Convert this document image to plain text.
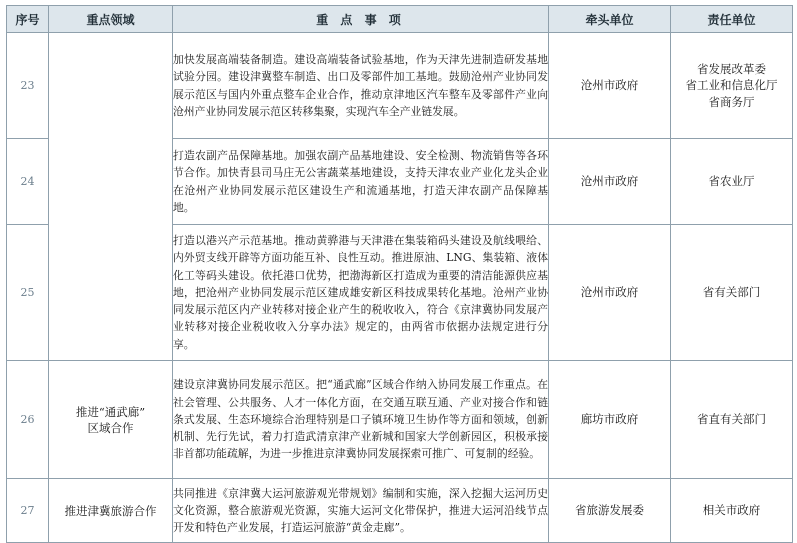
序号	重点领域	重 点 事 项	牵头单位	责任单位
23		加快发展高端装备制造。建设高端装备试验基地，作为天津先进制造研发基地试验分园。建设津冀整车制造、出口及零部件加工基地。鼓励沧州产业协同发展示范区与国内外重点整车企业合作，推动京津地区汽车整车及零部件产业向沧州产业协同发展示范区转移集聚，实现汽车全产业链发展。	沧州市政府	省发展改革委
省工业和信息化厅
省商务厅

24		打造农副产品保障基地。加强农副产品基地建设、安全检测、物流销售等各环节合作。加快青县司马庄无公害蔬菜基地建设，支持天津农业产业化龙头企业在沧州产业协同发展示范区建设生产和流通基地，打造天津农副产品保障基地。	沧州市政府	省农业厅

25		打造以港兴产示范基地。推动黄骅港与天津港在集装箱码头建设及航线喂给、内外贸支线开辟等方面功能互补、良性互动。推进原油、LNG、集装箱、液体化工等码头建设。依托港口优势，把渤海新区打造成为重要的清洁能源供应基地，把沧州产业协同发展示范区建成雄安新区科技成果转化基地。沧州产业协同发展示范区内产业转移对接企业产生的税收收入，符合《京津冀协同发展产业转移对接企业税收收入分享办法》规定的，由两省市依据办法规定进行分享。	沧州市政府	省有关部门

26	推进“通武廊”
区域合作	建设京津冀协同发展示范区。把“通武廊”区域合作纳入协同发展工作重点。在社会管理、公共服务、人才一体化方面，在交通互联互通、产业对接合作和链条式发展、生态环境综合治理特别是口子镇环境卫生协作等方面和领域，创新机制、先行先试，着力打造武清京津产业新城和国家大学创新园区，积极承接非首都功能疏解，为进一步推进京津冀协同发展探索可推广、可复制的经验。	廊坊市政府	省直有关部门

27	推进津冀旅游合作	共同推进《京津冀大运河旅游观光带规划》编制和实施，深入挖掘大运河历史文化资源，整合旅游观光资源，实施大运河文化带保护，推进大运河沿线节点开发和特色产业发展，打造运河旅游“黄金走廊”。	省旅游发展委	相关市政府
